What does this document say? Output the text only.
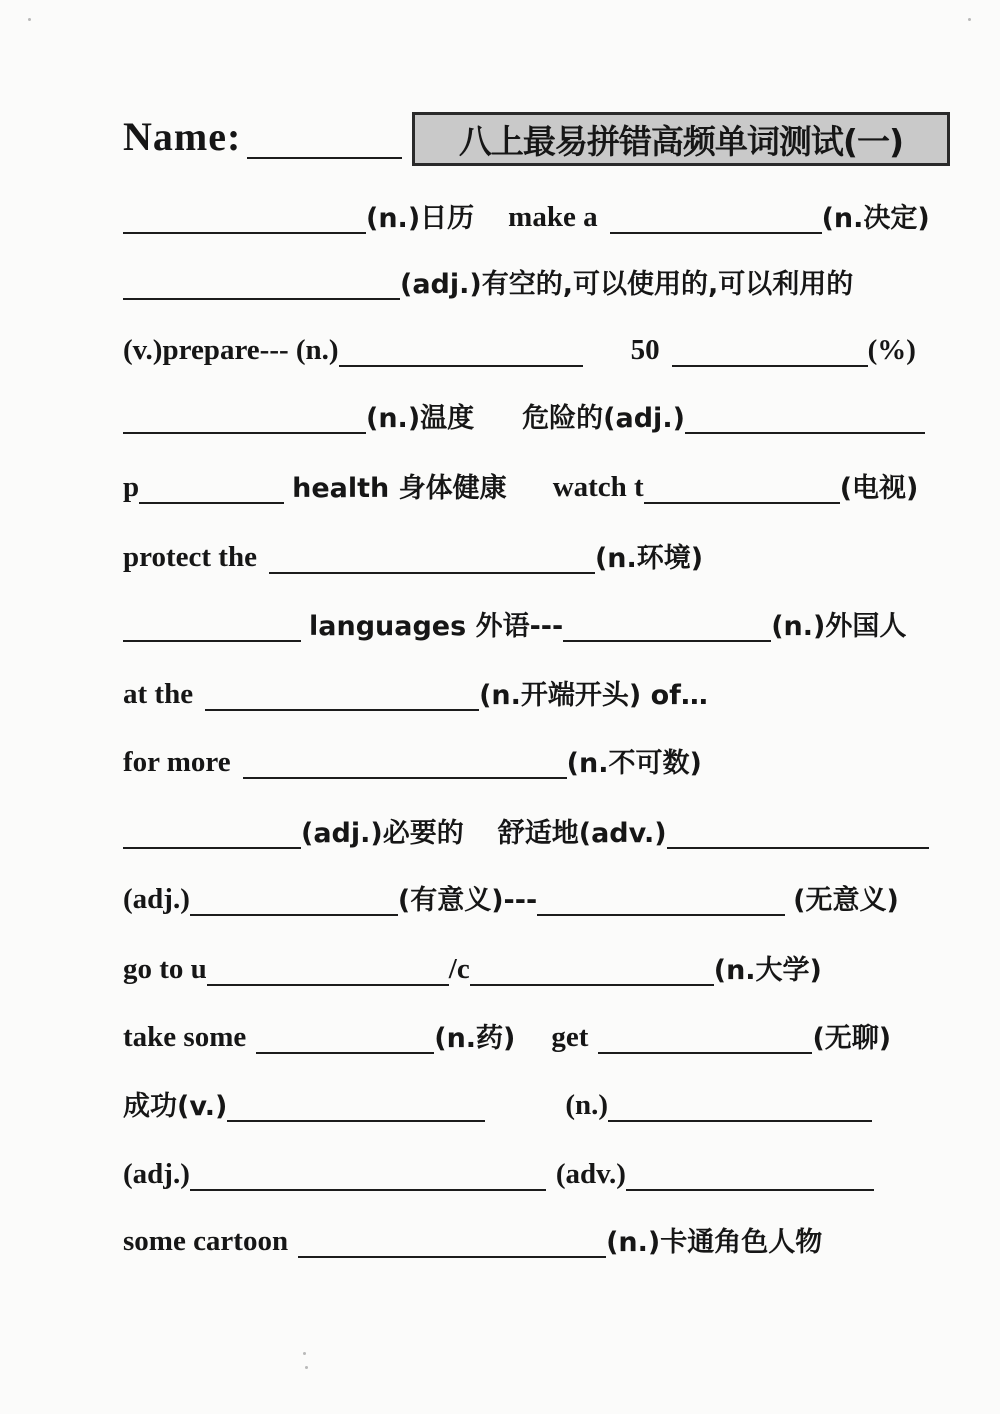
Name:	八上最易拼错高频单词测试(一)
(n.)日历 make a	(n.决定)
(adj.)有空的,可以使用的,可以利用的
(v.)prepare--- (n.)	50	(%)
(n.)温度 危险的(adj.)
p	health 身体健康 watch t	(电视)
protect the	(n.环境)
languages 外语---	(n.)外国人
at the	(n.开端开头) of…
for more	(n.不可数)
(adj.)必要的 舒适地(adv.)
(adj.)	(有意义)---	(无意义)
go to u	/c	(n.大学)
take some	(n.药) get	(无聊)
成功(v.)	(n.)
(adj.)	(adv.)
some cartoon	(n.)卡通角色人物
